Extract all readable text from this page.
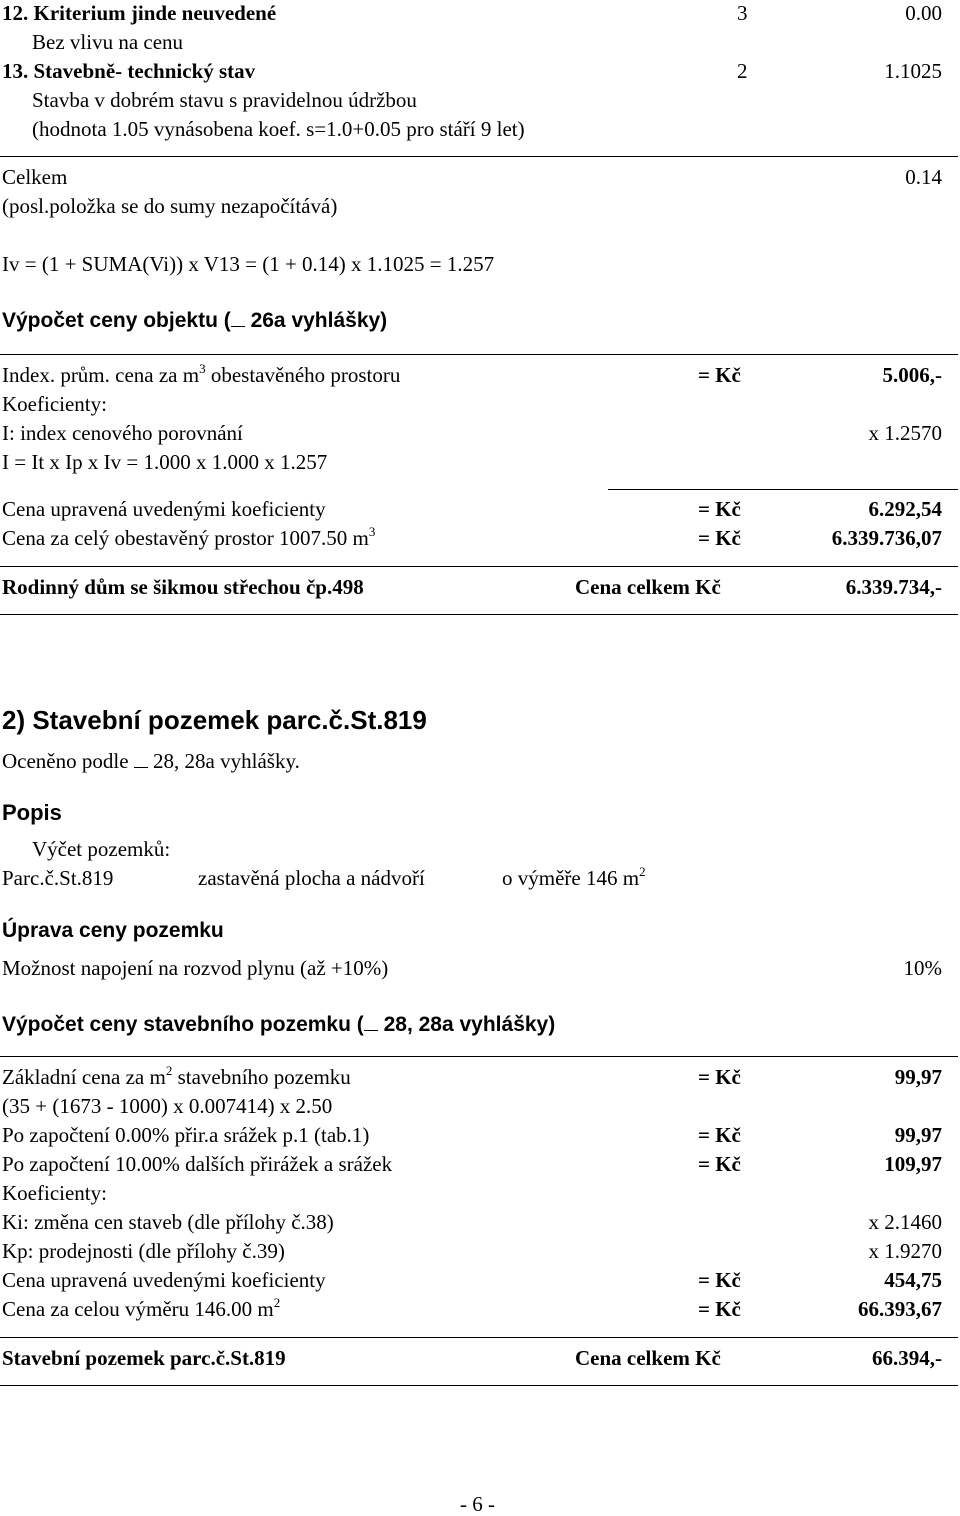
12. Kriterium jinde neuvedené	3	0.00
Bez vlivu na cenu
13. Stavebně- technický stav	2	1.1025
Stavba v dobrém stavu s pravidelnou údržbou
(hodnota 1.05 vynásobena koef. s=1.0+0.05 pro stáří 9 let)
Celkem	0.14
(posl.položka se do sumy nezapočítává)
Iv = (1 + SUMA(Vi)) x V13 = (1 + 0.14) x 1.1025 = 1.257
Výpočet ceny objektu ( 26a vyhlášky)
Index. prům. cena za $m^3$ obestavěného prostoru	= Kč	5.006,-
Koeficienty:
I: index cenového porovnání	x 1.2570
I = It x Ip x Iv = 1.000 x 1.000 x 1.257
Cena upravená uvedenými koeficienty	= Kč	6.292,54
Cena za celý obestavěný prostor 1007.50 $m^3$	= Kč	6.339.736,07
Rodinný dům se šikmou střechou čp.498	Cena celkem Kč	6.339.734,-
2) Stavební pozemek parc.č.St.819
Oceněno podle  28, 28a vyhlášky.
Popis
Výčet pozemků:
Parc.č.St.819	zastavěná plocha a nádvoří	o výměře 146 $m^2$
Úprava ceny pozemku
Možnost napojení na rozvod plynu (až +10%)	10%
Výpočet ceny stavebního pozemku ( 28, 28a vyhlášky)
Základní cena za $m^2$ stavebního pozemku	= Kč	99,97
(35 + (1673 - 1000) x 0.007414) x 2.50
Po započtení 0.00% přir.a srážek p.1 (tab.1)	= Kč	99,97
Po započtení 10.00% dalších přirážek a srážek	= Kč	109,97
Koeficienty:
Ki: změna cen staveb (dle přílohy č.38)	x 2.1460
Kp: prodejnosti (dle přílohy č.39)	x 1.9270
Cena upravená uvedenými koeficienty	= Kč	454,75
Cena za celou výměru 146.00 $m^2$	= Kč	66.393,67
Stavební pozemek parc.č.St.819	Cena celkem Kč	66.394,-
- 6 -
